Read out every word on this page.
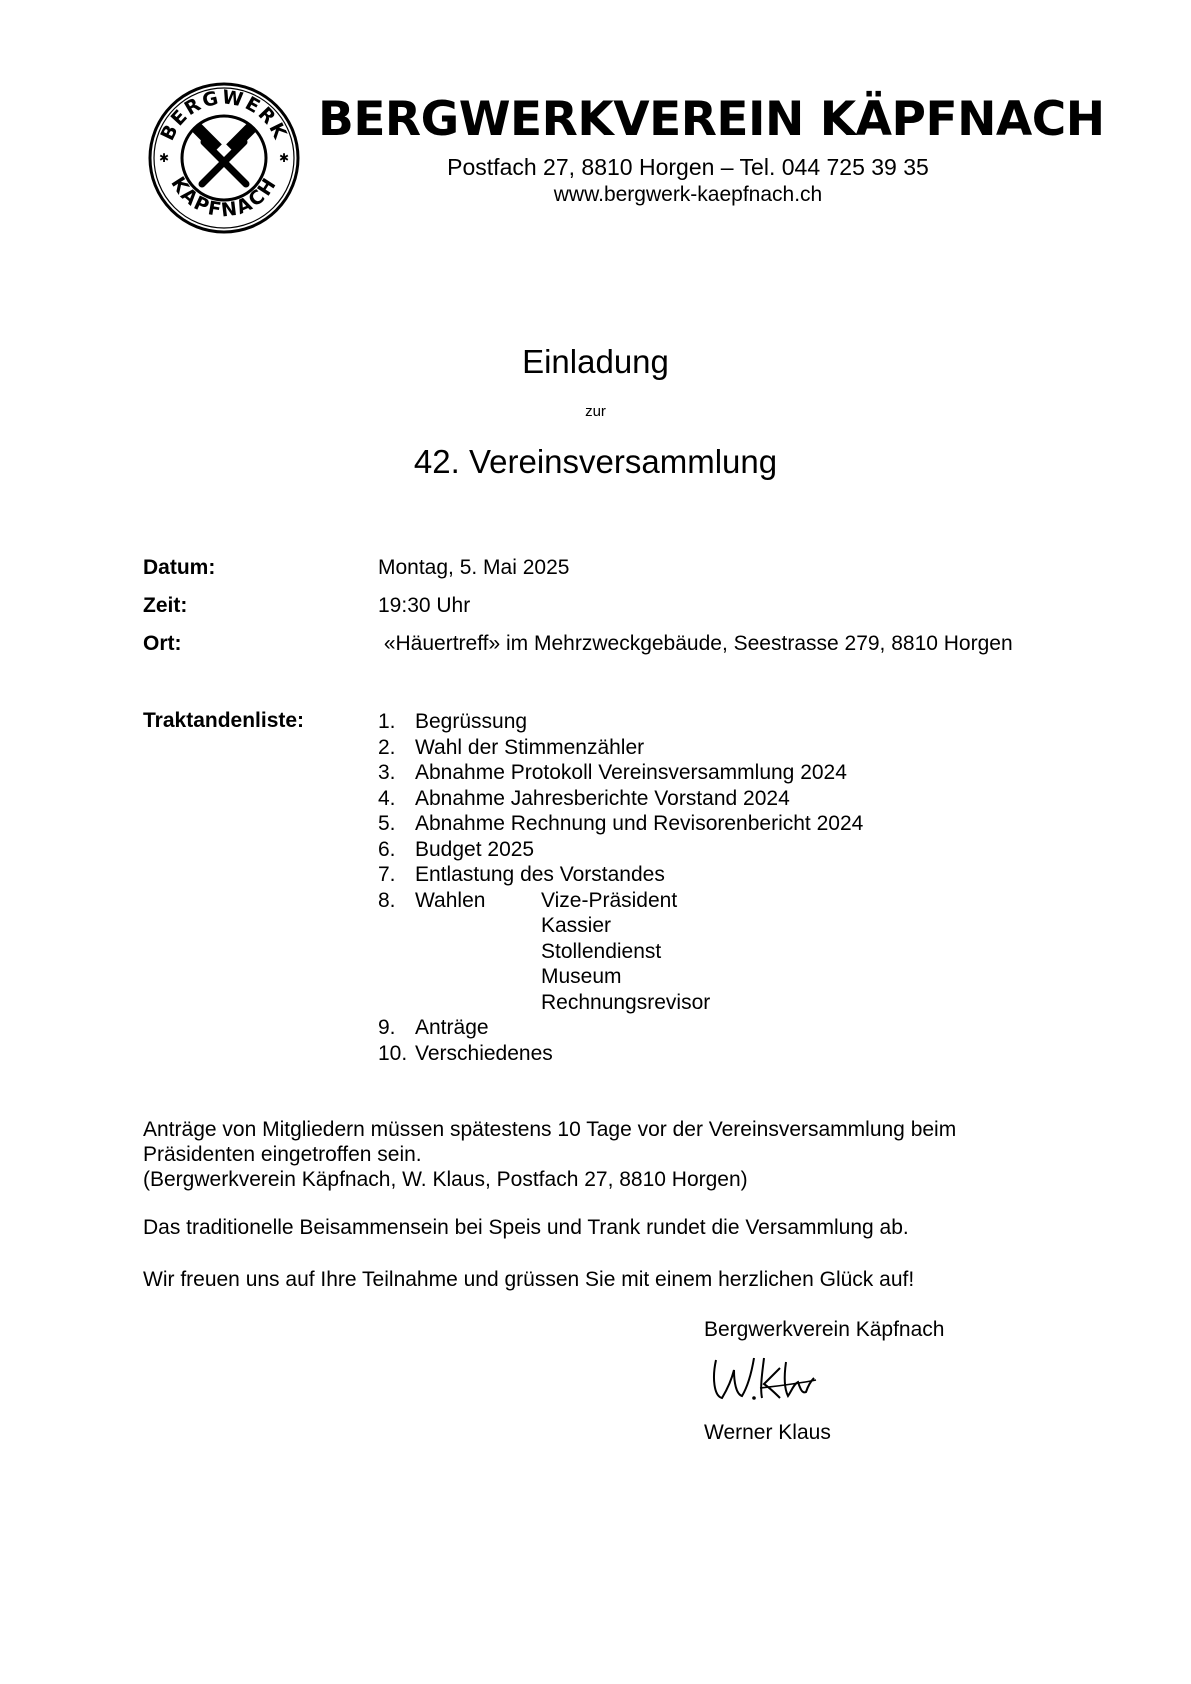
BERGWERK
KÄPFNACH
✱	✱
BERGWERKVEREIN KÄPFNACH
Postfach 27, 8810 Horgen – Tel. 044 725 39 35
www.bergwerk-kaepfnach.ch
Einladung
zur
42. Vereinsversammlung
Datum:	Montag, 5. Mai 2025
Zeit:	19:30 Uhr
Ort:	«Häuertreff» im Mehrzweckgebäude, Seestrasse 279, 8810 Horgen
Traktandenliste:	1. Begrüssung
2. Wahl der Stimmenzähler
3. Abnahme Protokoll Vereinsversammlung 2024
4. Abnahme Jahresberichte Vorstand 2024
5. Abnahme Rechnung und Revisorenbericht 2024
6. Budget 2025
7. Entlastung des Vorstandes
8. Wahlen	Vize-Präsident
Kassier
Stollendienst
Museum
Rechnungsrevisor
9. Anträge
10. Verschiedenes
Anträge von Mitgliedern müssen spätestens 10 Tage vor der Vereinsversammlung beim
Präsidenten eingetroffen sein.
(Bergwerkverein Käpfnach, W. Klaus, Postfach 27, 8810 Horgen)
Das traditionelle Beisammensein bei Speis und Trank rundet die Versammlung ab.
Wir freuen uns auf Ihre Teilnahme und grüssen Sie mit einem herzlichen Glück auf!
Bergwerkverein Käpfnach
Werner Klaus
